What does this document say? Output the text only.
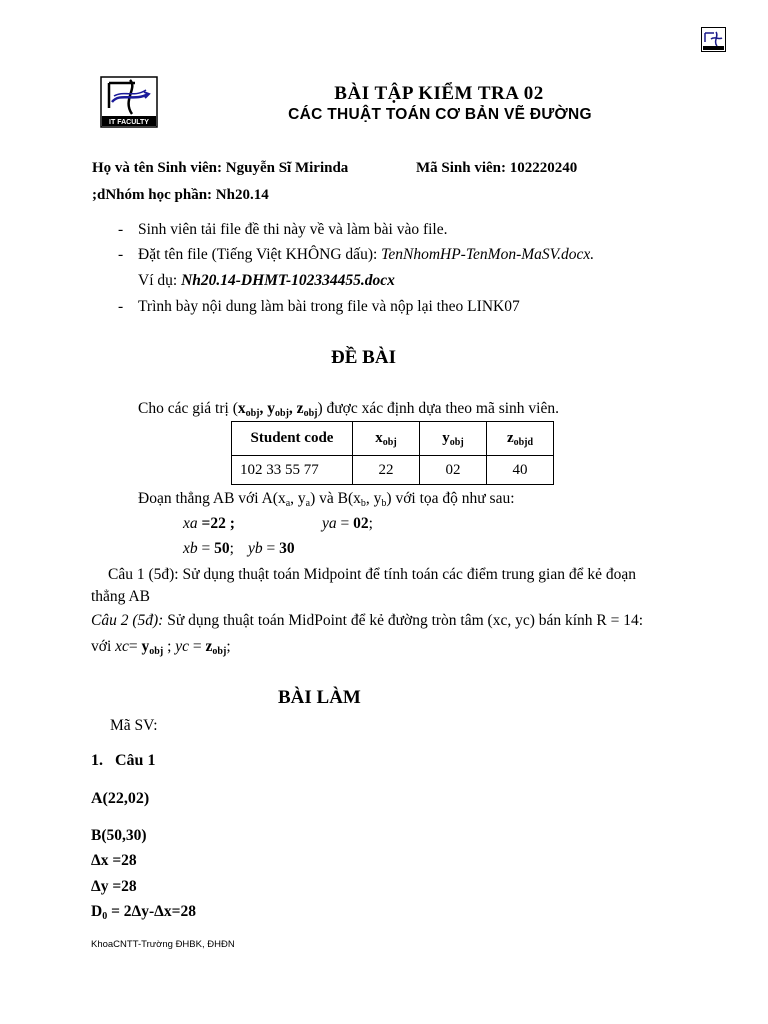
IT FACULTY
BÀI TẬP KIỂM TRA 02
CÁC THUẬT TOÁN CƠ BẢN VẼ ĐƯỜNG
Họ và tên Sinh viên: Nguyễn Sĩ Mirinda	Mã Sinh viên: 102220240
;dNhóm học phần: Nh20.14
- Sinh viên tải file đề thi này về và làm bài vào file.
- Đặt tên file (Tiếng Việt KHÔNG dấu): TenNhomHP-TenMon-MaSV.docx.
Ví dụ: Nh20.14-DHMT-102334455.docx
- Trình bày nội dung làm bài trong file và nộp lại theo LINK07
ĐỀ BÀI
Cho các giá trị ($x_{obj}$, $y_{obj}$, $z_{obj}$) được xác định dựa theo mã sinh viên.
Student code	$x_{obj}$	$y_{obj}$	$z_{objd}$
102 33 55 77	22	02	40
Đoạn thẳng AB với $A(x_a$, $y_a$) và $B(x_b$, $y_b$) với tọa độ như sau:
xa =22 ;	ya = 02;
xb = 50; yb = 30
Câu 1 (5đ): Sử dụng thuật toán Midpoint để tính toán các điểm trung gian để kẻ đoạn
thẳng AB
Câu 2 (5đ): Sử dụng thuật toán MidPoint để kẻ đường tròn tâm (xc, yc) bán kính R = 14:
với $xc= y_{obj}$ ; yc = $z_{obj}$;
BÀI LÀM
Mã SV:
1. Câu 1
A(22,02)
B(50,30)
Δx =28
Δy =28
$D_0 = 2\Delta y-\Delta x=28$
KhoaCNTT-Trường ĐHBK, ĐHĐN
